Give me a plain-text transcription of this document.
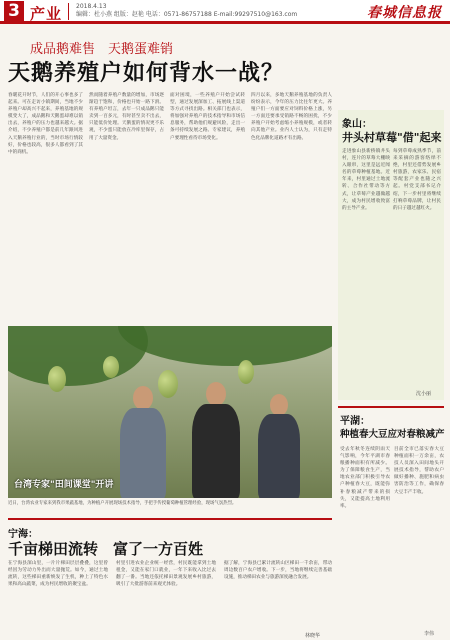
3 产业 2018.4.13
编辑：杜小燕 组版：赵艳 电话：0571-86757188 E-mail:99297510@163.com	春城信息报
成品鹅难售　天鹅蛋难销
天鹅养殖户如何背水一战？
春暖花开时节，人们的开心事也多了起来。可在走访小镇期间，当地不少养殖户却高兴不起来，养殖基地的规模变大了，成品鹅和天鹅蛋却难以销出去，养殖户的压力也越来越大。据介绍，不少养殖户都是前几年跟风进入天鹅养殖行业的，当时市场行情较好，价格也较高，很多人都看到了其中的商机。
然而随着养殖户数量的增加，市场逐渐趋于饱和，价格也开始一路下滑。有养殖户坦言，去年一只成品鹅只能卖到一百多元，有时甚至卖不出去，只能低价处理。天鹅蛋的情况更不乐观，不少蛋只能放在冷库里保存，占用了大量资金。
面对困境，一些养殖户开始尝试转型，通过发展深加工、拓展线上渠道等方式寻找出路。相关部门也表示，将加强对养殖户的技术指导和市场信息服务，帮助他们规避风险，走出一条可持续发展之路。专家建议，养殖户要理性看待市场变化。
四月以来，多地天鹅养殖基地的负责人纷纷表示，今年的压力比往年更大。养殖户们一方面要应对饲料价格上涨，另一方面还要承受销路不畅的困扰，不少养殖户开始考虑缩小养殖规模，或者转向其他产业。业内人士认为，只有走特色化品牌化道路才有出路。
台湾专家"田间课堂"开讲
近日，台湾农业专家来到我市果蔬基地，为种植户开展现场技术指导，手把手传授葡萄种植管理经验，现场气氛热烈。
宁海：
千亩梯田流转　富了一方百姓
在宁海县深山里，一片片梯田层层叠叠，这里曾经因为劳动力外出而大量抛荒。如今，通过土地流转，这些梯田重新焕发了生机，种上了特色水果和高山蔬菜，成为村民增收的聚宝盆。
村里引进农业企业统一经营，村民既能拿到土地租金，又能在家门口就业，一年下来收入比过去翻了一番。当地还依托梯田景观发展乡村旅游，吸引了大批游客前来观光体验。
据了解，宁海县已累计流转山区梯田一千余亩，带动周边数百户农户增收。下一步，当地将继续完善基础设施，推动梯田农业与旅游深度融合发展。
林晓华
象山：
井头村草莓"借"起来
走进象山县新桥镇井头村，连片的草莓大棚映入眼帘，这里是远近闻名的草莓种植基地。近年来，村里通过土地流转、合作社带动等方式，让草莓产业越做越大，成为村民增收致富的主导产业。
每到草莓成熟季节，前来采摘的游客络绎不绝，村里还借势发展乡村旅游，农家乐、民宿等配套产业也随之兴起。村党支部书记介绍，下一步村里将继续打响草莓品牌，让村民的日子越过越红火。
沈小丽
平湖：
种植春大豆应对春粮减产
受去年秋冬连续阴雨天气影响，今年平湖市春粮播种面积有所减少。为了保障粮食生产，当地农业部门积极引导农户种植春大豆，既能弥补春粮减产带来的损失，又能提高土地利用率。
目前全市已落实春大豆种植面积一万余亩，农技人员深入田间地头开展技术指导，帮助农户做好播种、施肥和病虫害防治等工作，确保春大豆丰产丰收。
李伟
